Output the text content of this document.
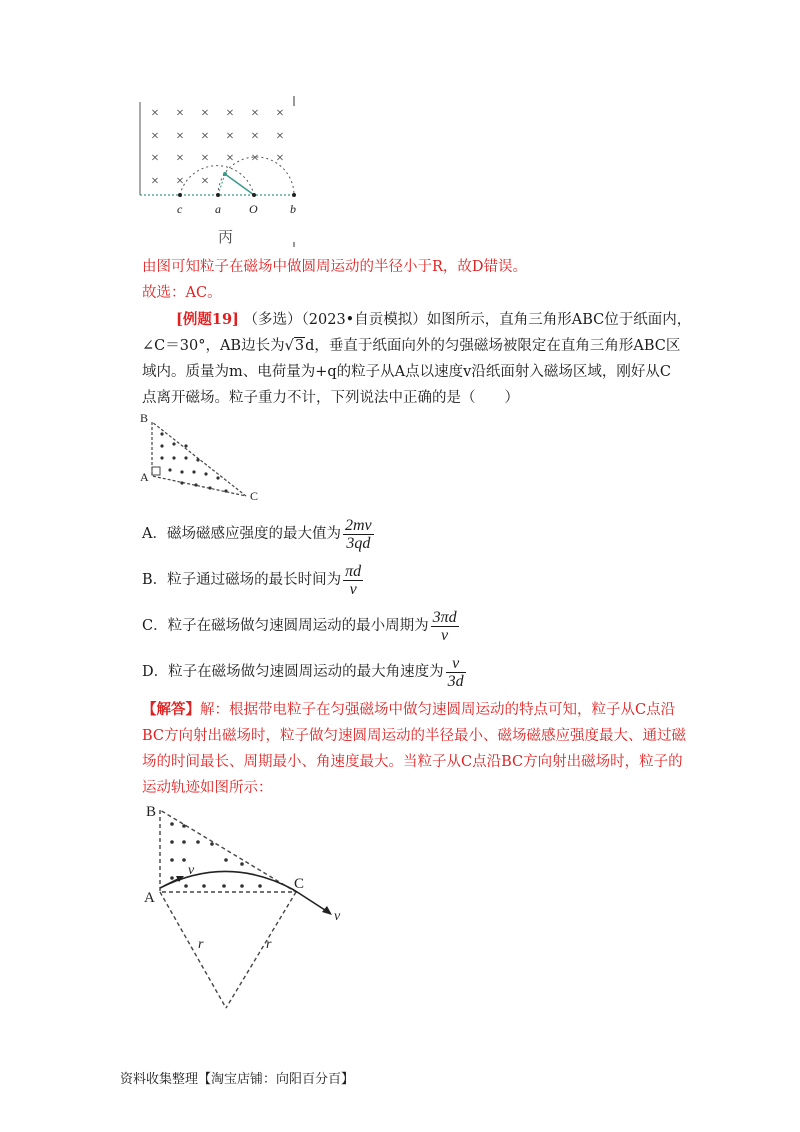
× × × × × ×
× × × × × ×
× × × × × ×
× × ×
c	a O	b
丙
由图可知粒子在磁场中做圆周运动的半径小于R，故D错误。
故选：AC。
[例题19] （多选）（2023•自贡模拟）如图所示，直角三角形ABC位于纸面内，
∠C＝30°，AB边长为√3d，垂直于纸面向外的匀强磁场被限定在直角三角形ABC区
域内。质量为m、电荷量为+q的粒子从A点以速度v沿纸面射入磁场区域，刚好从C
点离开磁场。粒子重力不计，下列说法中正确的是（　　）
B
A
C
A．磁场磁感应强度的最大值为 $\frac{2mv}{3qd}$
B．粒子通过磁场的最长时间为 $\frac{\pi d}{v}$
C．粒子在磁场做匀速圆周运动的最小周期为 $\frac{3\pi d}{v}$
D．粒子在磁场做匀速圆周运动的最大角速度为 $\frac{v}{3d}$
【解答】解：根据带电粒子在匀强磁场中做匀速圆周运动的特点可知，粒子从C点沿
BC方向射出磁场时，粒子做匀速圆周运动的半径最小、磁场磁感应强度最大、通过磁
场的时间最长、周期最小、角速度最大。当粒子从C点沿BC方向射出磁场时，粒子的
运动轨迹如图所示：
B
A
C
v
v
r	r
资料收集整理【淘宝店铺：向阳百分百】
